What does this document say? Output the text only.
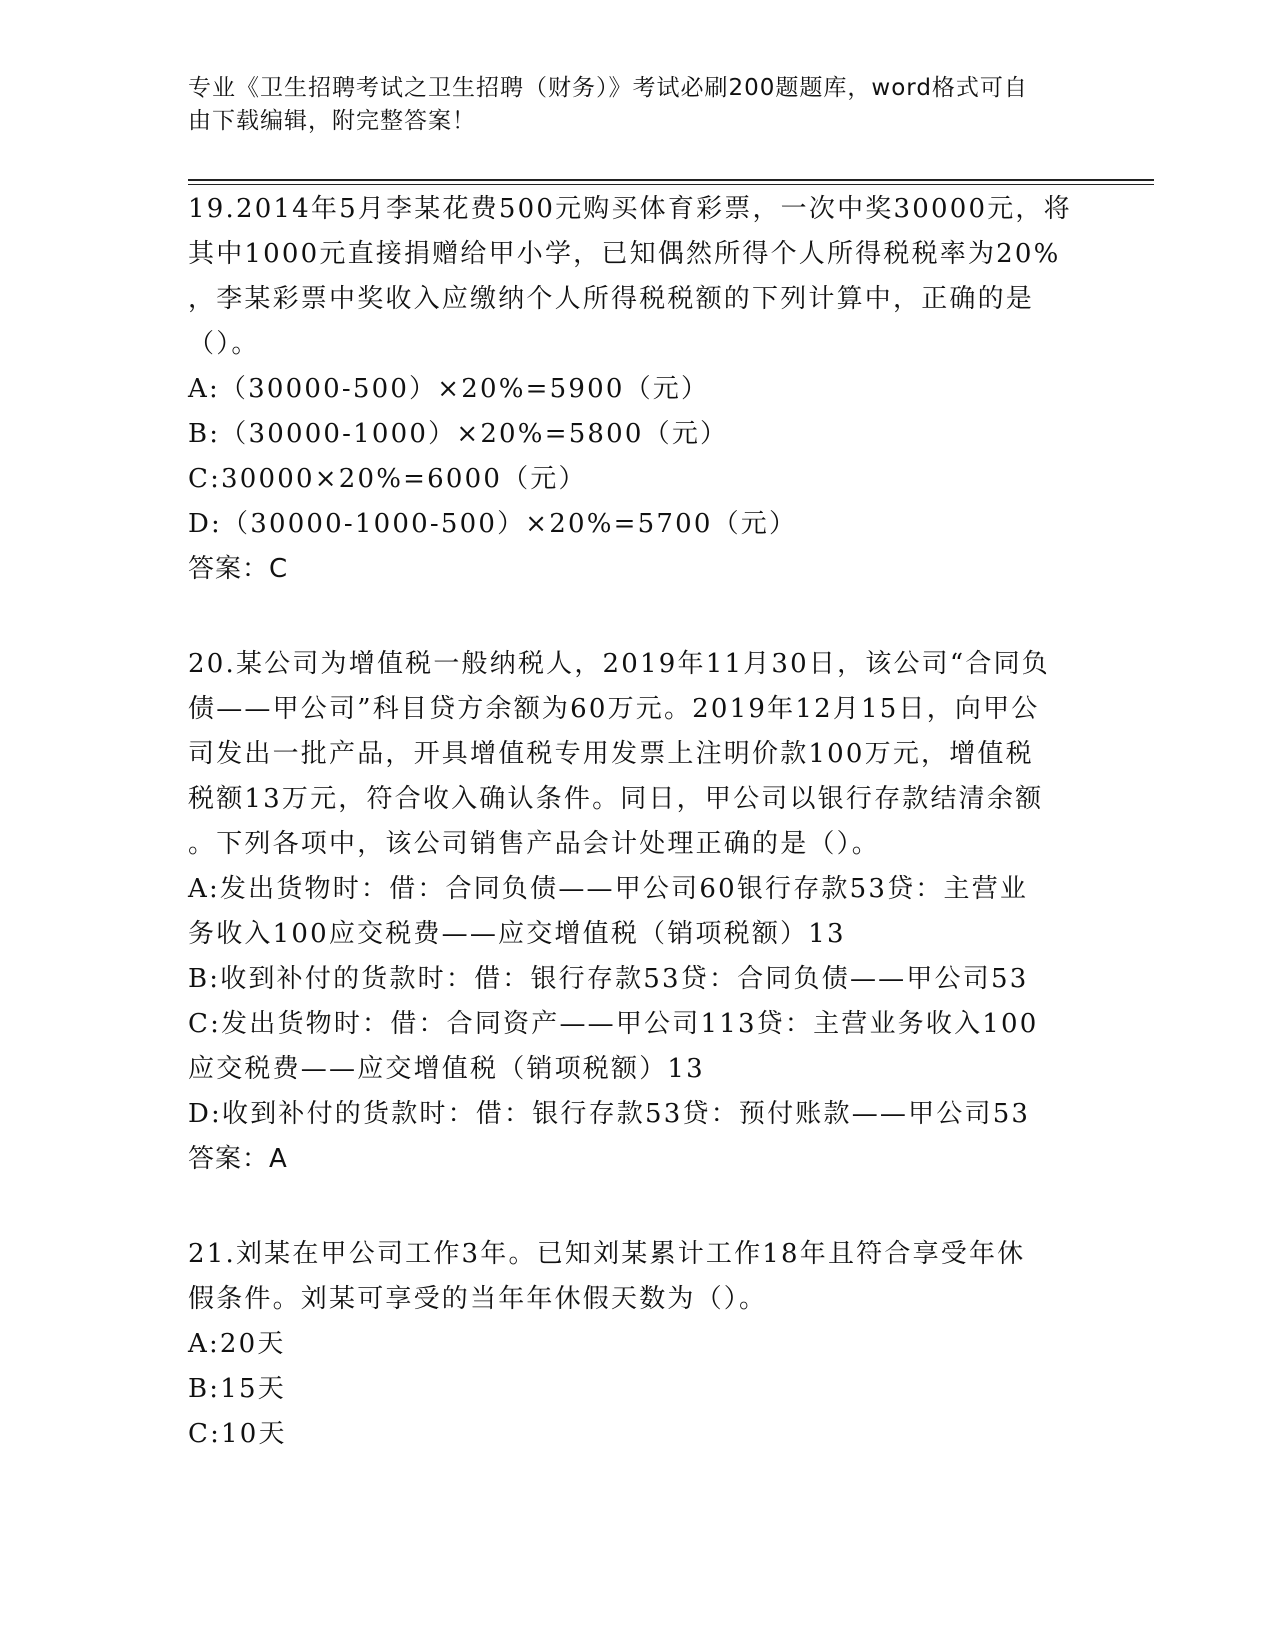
专业《卫生招聘考试之卫生招聘（财务）》考试必刷200题题库，word格式可自
由下载编辑，附完整答案！
19.2014年5月李某花费500元购买体育彩票，一次中奖30000元，将
其中1000元直接捐赠给甲小学，已知偶然所得个人所得税税率为20%
，李某彩票中奖收入应缴纳个人所得税税额的下列计算中，正确的是
（）。
A:（30000-500）×20%=5900（元）
B:（30000-1000）×20%=5800（元）
C:30000×20%=6000（元）
D:（30000-1000-500）×20%=5700（元）
答案：C
20.某公司为增值税一般纳税人，2019年11月30日，该公司“合同负
债——甲公司”科目贷方余额为60万元。2019年12月15日，向甲公
司发出一批产品，开具增值税专用发票上注明价款100万元，增值税
税额13万元，符合收入确认条件。同日，甲公司以银行存款结清余额
。下列各项中，该公司销售产品会计处理正确的是（）。
A:发出货物时：借：合同负债——甲公司60银行存款53贷：主营业
务收入100应交税费——应交增值税（销项税额）13
B:收到补付的货款时：借：银行存款53贷：合同负债——甲公司53
C:发出货物时：借：合同资产——甲公司113贷：主营业务收入100
应交税费——应交增值税（销项税额）13
D:收到补付的货款时：借：银行存款53贷：预付账款——甲公司53
答案：A
21.刘某在甲公司工作3年。已知刘某累计工作18年且符合享受年休
假条件。刘某可享受的当年年休假天数为（）。
A:20天
B:15天
C:10天
